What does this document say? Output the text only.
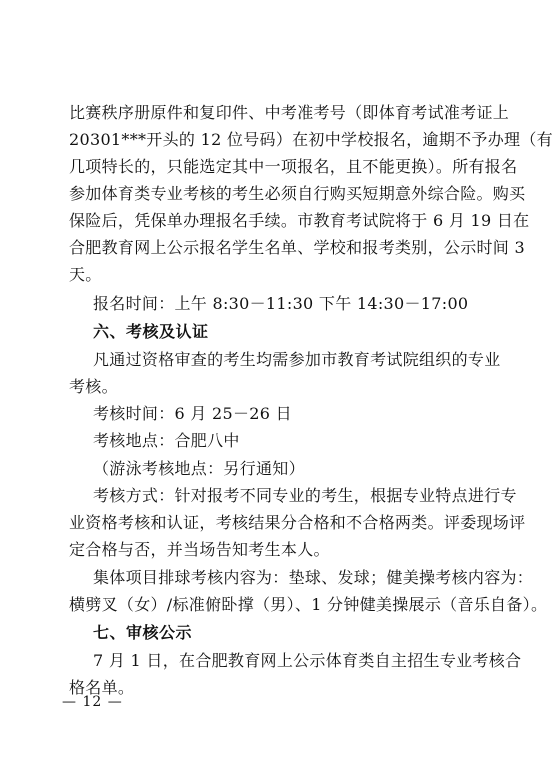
比赛秩序册原件和复印件、中考准考号（即体育考试准考证上
20301***开头的 12 位号码）在初中学校报名，逾期不予办理（有
几项特长的，只能选定其中一项报名，且不能更换）。所有报名
参加体育类专业考核的考生必须自行购买短期意外综合险。购买
保险后，凭保单办理报名手续。市教育考试院将于 6 月 19 日在
合肥教育网上公示报名学生名单、学校和报考类别，公示时间 3
天。
报名时间：上午 8:30－11:30 下午 14:30－17:00
六、考核及认证
凡通过资格审查的考生均需参加市教育考试院组织的专业
考核。
考核时间：6 月 25－26 日
考核地点：合肥八中
（游泳考核地点：另行通知）
考核方式：针对报考不同专业的考生，根据专业特点进行专
业资格考核和认证，考核结果分合格和不合格两类。评委现场评
定合格与否，并当场告知考生本人。
集体项目排球考核内容为：垫球、发球；健美操考核内容为：
横劈叉（女）/标准俯卧撑（男）、1 分钟健美操展示（音乐自备）。
七、审核公示
7 月 1 日，在合肥教育网上公示体育类自主招生专业考核合
格名单。
— 12 —
